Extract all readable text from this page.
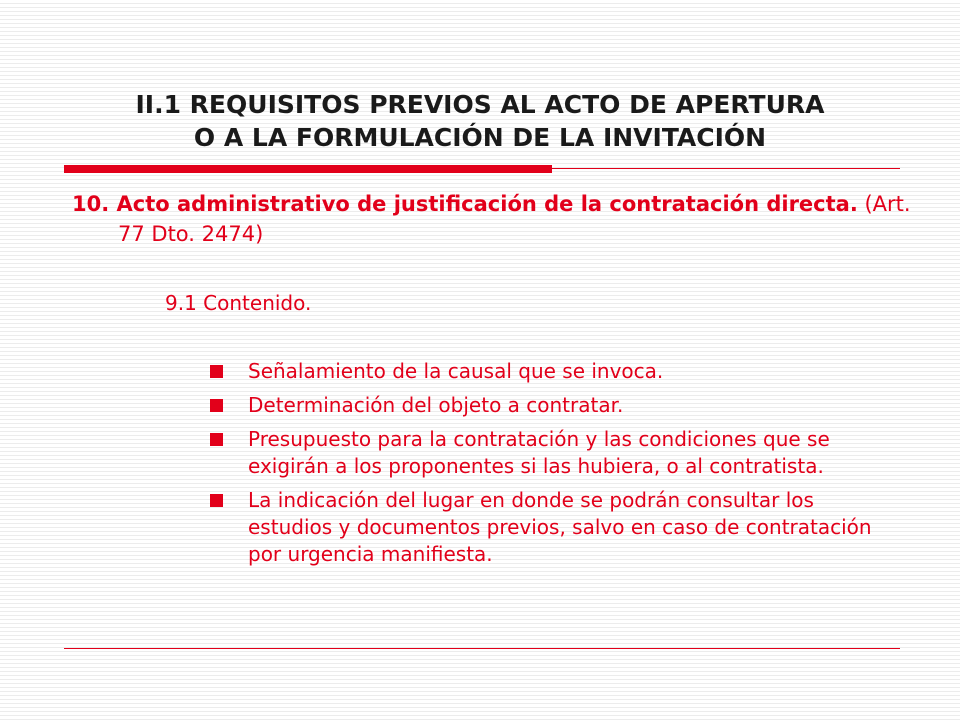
II.1 REQUISITOS PREVIOS AL ACTO DE APERTURA
O A LA FORMULACIÓN DE LA INVITACIÓN
10. Acto administrativo de justificación de la contratación directa. (Art. 77 Dto. 2474)
9.1 Contenido.
Señalamiento de la causal que se invoca.
Determinación del objeto a contratar.
Presupuesto para la contratación y las condiciones que se exigirán a los proponentes si las hubiera, o al contratista.
La indicación del lugar en donde se podrán consultar los estudios y documentos previos, salvo en caso de contratación por urgencia manifiesta.
